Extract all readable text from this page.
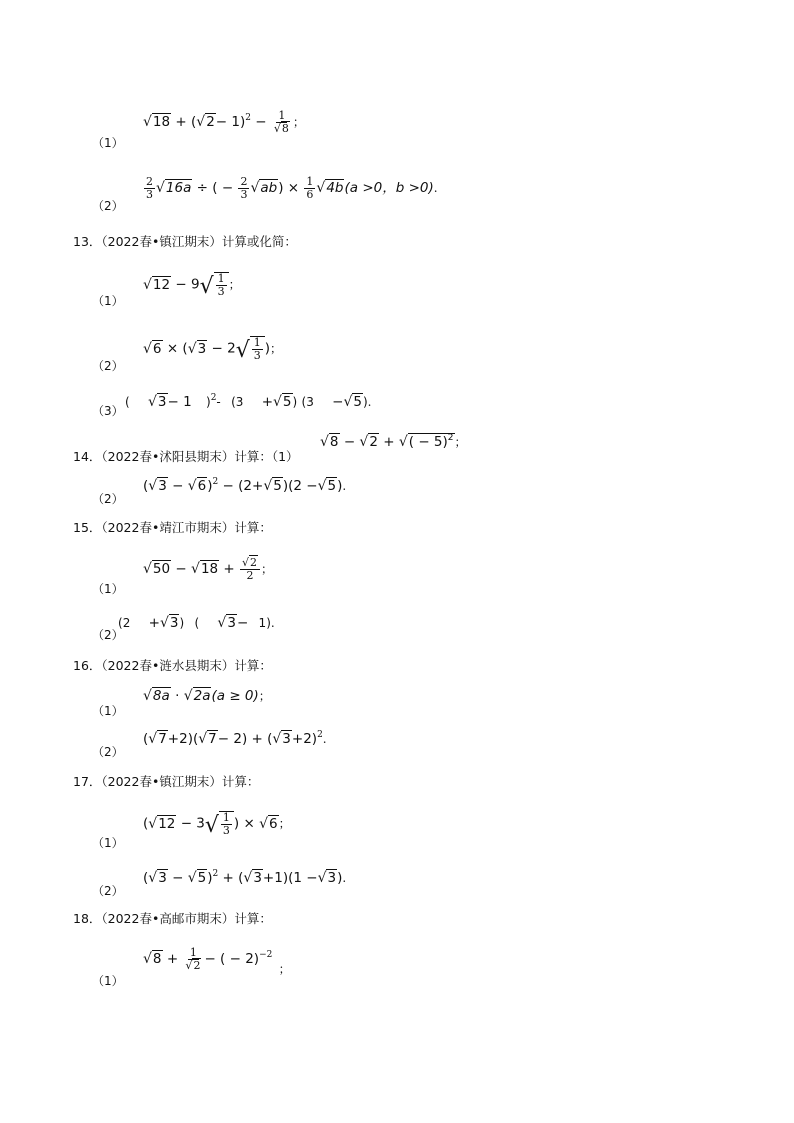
（1）
$√18 + (√2- 1)^2 - \frac{1}{√8}$ ；
（2）
$\frac{2}{3} √16a$ ÷ ( − $\frac{2}{3} √ab) \times \frac{1}{6} √4b(a >0$，b >0).
13．（2022春•镇江期末）计算或化简：
（1）
√12 − 9 √ $\frac{1}{3}$ ；
（2）
√6 × (√3 − 2 √ $\frac{1}{3}$ )；
（3）
( √3− 1 )$^2$- (3 +√5) (3 −√5).
14．（2022春•沭阳县期末）计算：（1）
√8 − √2 + √( − 5)$^2$；
（2）
$(√3 - √6)^2 - (2+√5)(2 -√5)$.
15．（2022春•靖江市期末）计算：
（1）
$√50 - √18 + \frac{√2}{2}$ ；
（2）
(2 +√3) ( √3− 1).
16．（2022春•涟水县期末）计算：
（1）
√8a · √2a(a ≥ 0)；
（2）
$(√7+2)(√7- 2) + (√3+2)^2$.
17．（2022春•镇江期末）计算：
（1）
(√12 − 3 √ $\frac{1}{3}$ ) × √6；
（2）
$(√3 - √5)^2 + (√3+1)(1 -√3)$.
18．（2022春•高邮市期末）计算：
（1）
$√8 + \frac{1}{√2}$ − ( − 2)$^{-2}$ ；
